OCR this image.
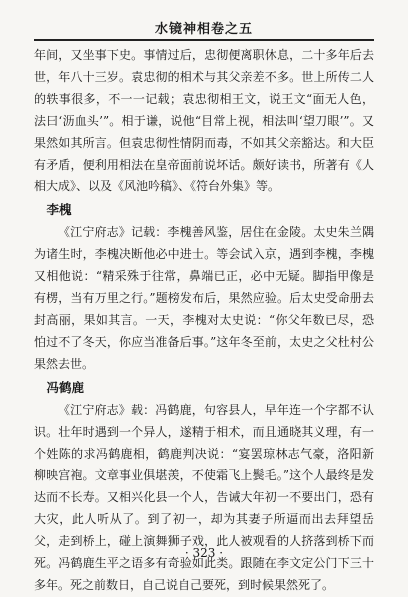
水镜神相卷之五

年间，又坐事下史。事情过后，忠彻便离职休息，二十多年后去世，年八十三岁。袁忠彻的相术与其父亲差不多。世上所传二人的轶事很多，不一一记载；袁忠彻相王文，说王文“面无人色，法曰‘沥血头’”。相于谦，说他“目常上视，相法叫‘望刀眼’”。又果然如其所言。但袁忠彻性情阴而毒，不如其父亲豁达。和大臣有矛盾，便利用相法在皇帝面前说坏话。颇好读书，所著有《人相大成》、以及《风池吟稿》、《符台外集》等。

李槐

《江宁府志》记载：李槐善风鉴，居住在金陵。太史朱兰隅为诸生时，李槐决断他必中进士。等会试入京，遇到李槐，李槐又相他说：“精采殊于往常，鼻端已正，必中无疑。脚指甲像是有楞，当有万里之行。”题榜发布后，果然应验。后太史受命册去封高丽，果如其言。一天，李槐对太史说：“你父年数已尽，恐怕过不了冬天，你应当准备后事。”这年冬至前，太史之父杜村公果然去世。

冯鹤鹿

《江宁府志》载：冯鹤鹿，句容县人，早年连一个字都不认识。壮年时遇到一个异人，遂精于相术，而且通晓其义理，有一个姓陈的求冯鹤鹿相，鹤鹿判决说：“宴罢琼林志气豪，洛阳新柳映宫袍。文章事业俱堪羡，不使霜飞上鬓毛。”这个人最终是发达而不长寿。又相兴化县一个人，告诫大年初一不要出门，恐有大灾，此人听从了。到了初一，却为其妻子所逼而出去拜望岳父，走到桥上，碰上演舞狮子戏，此人被观看的人挤落到桥下而死。冯鹤鹿生平之语多有奇验如此类。跟随在李文定公门下三十多年。死之前数日，自己说自己要死，到时候果然死了。

· 323 ·
